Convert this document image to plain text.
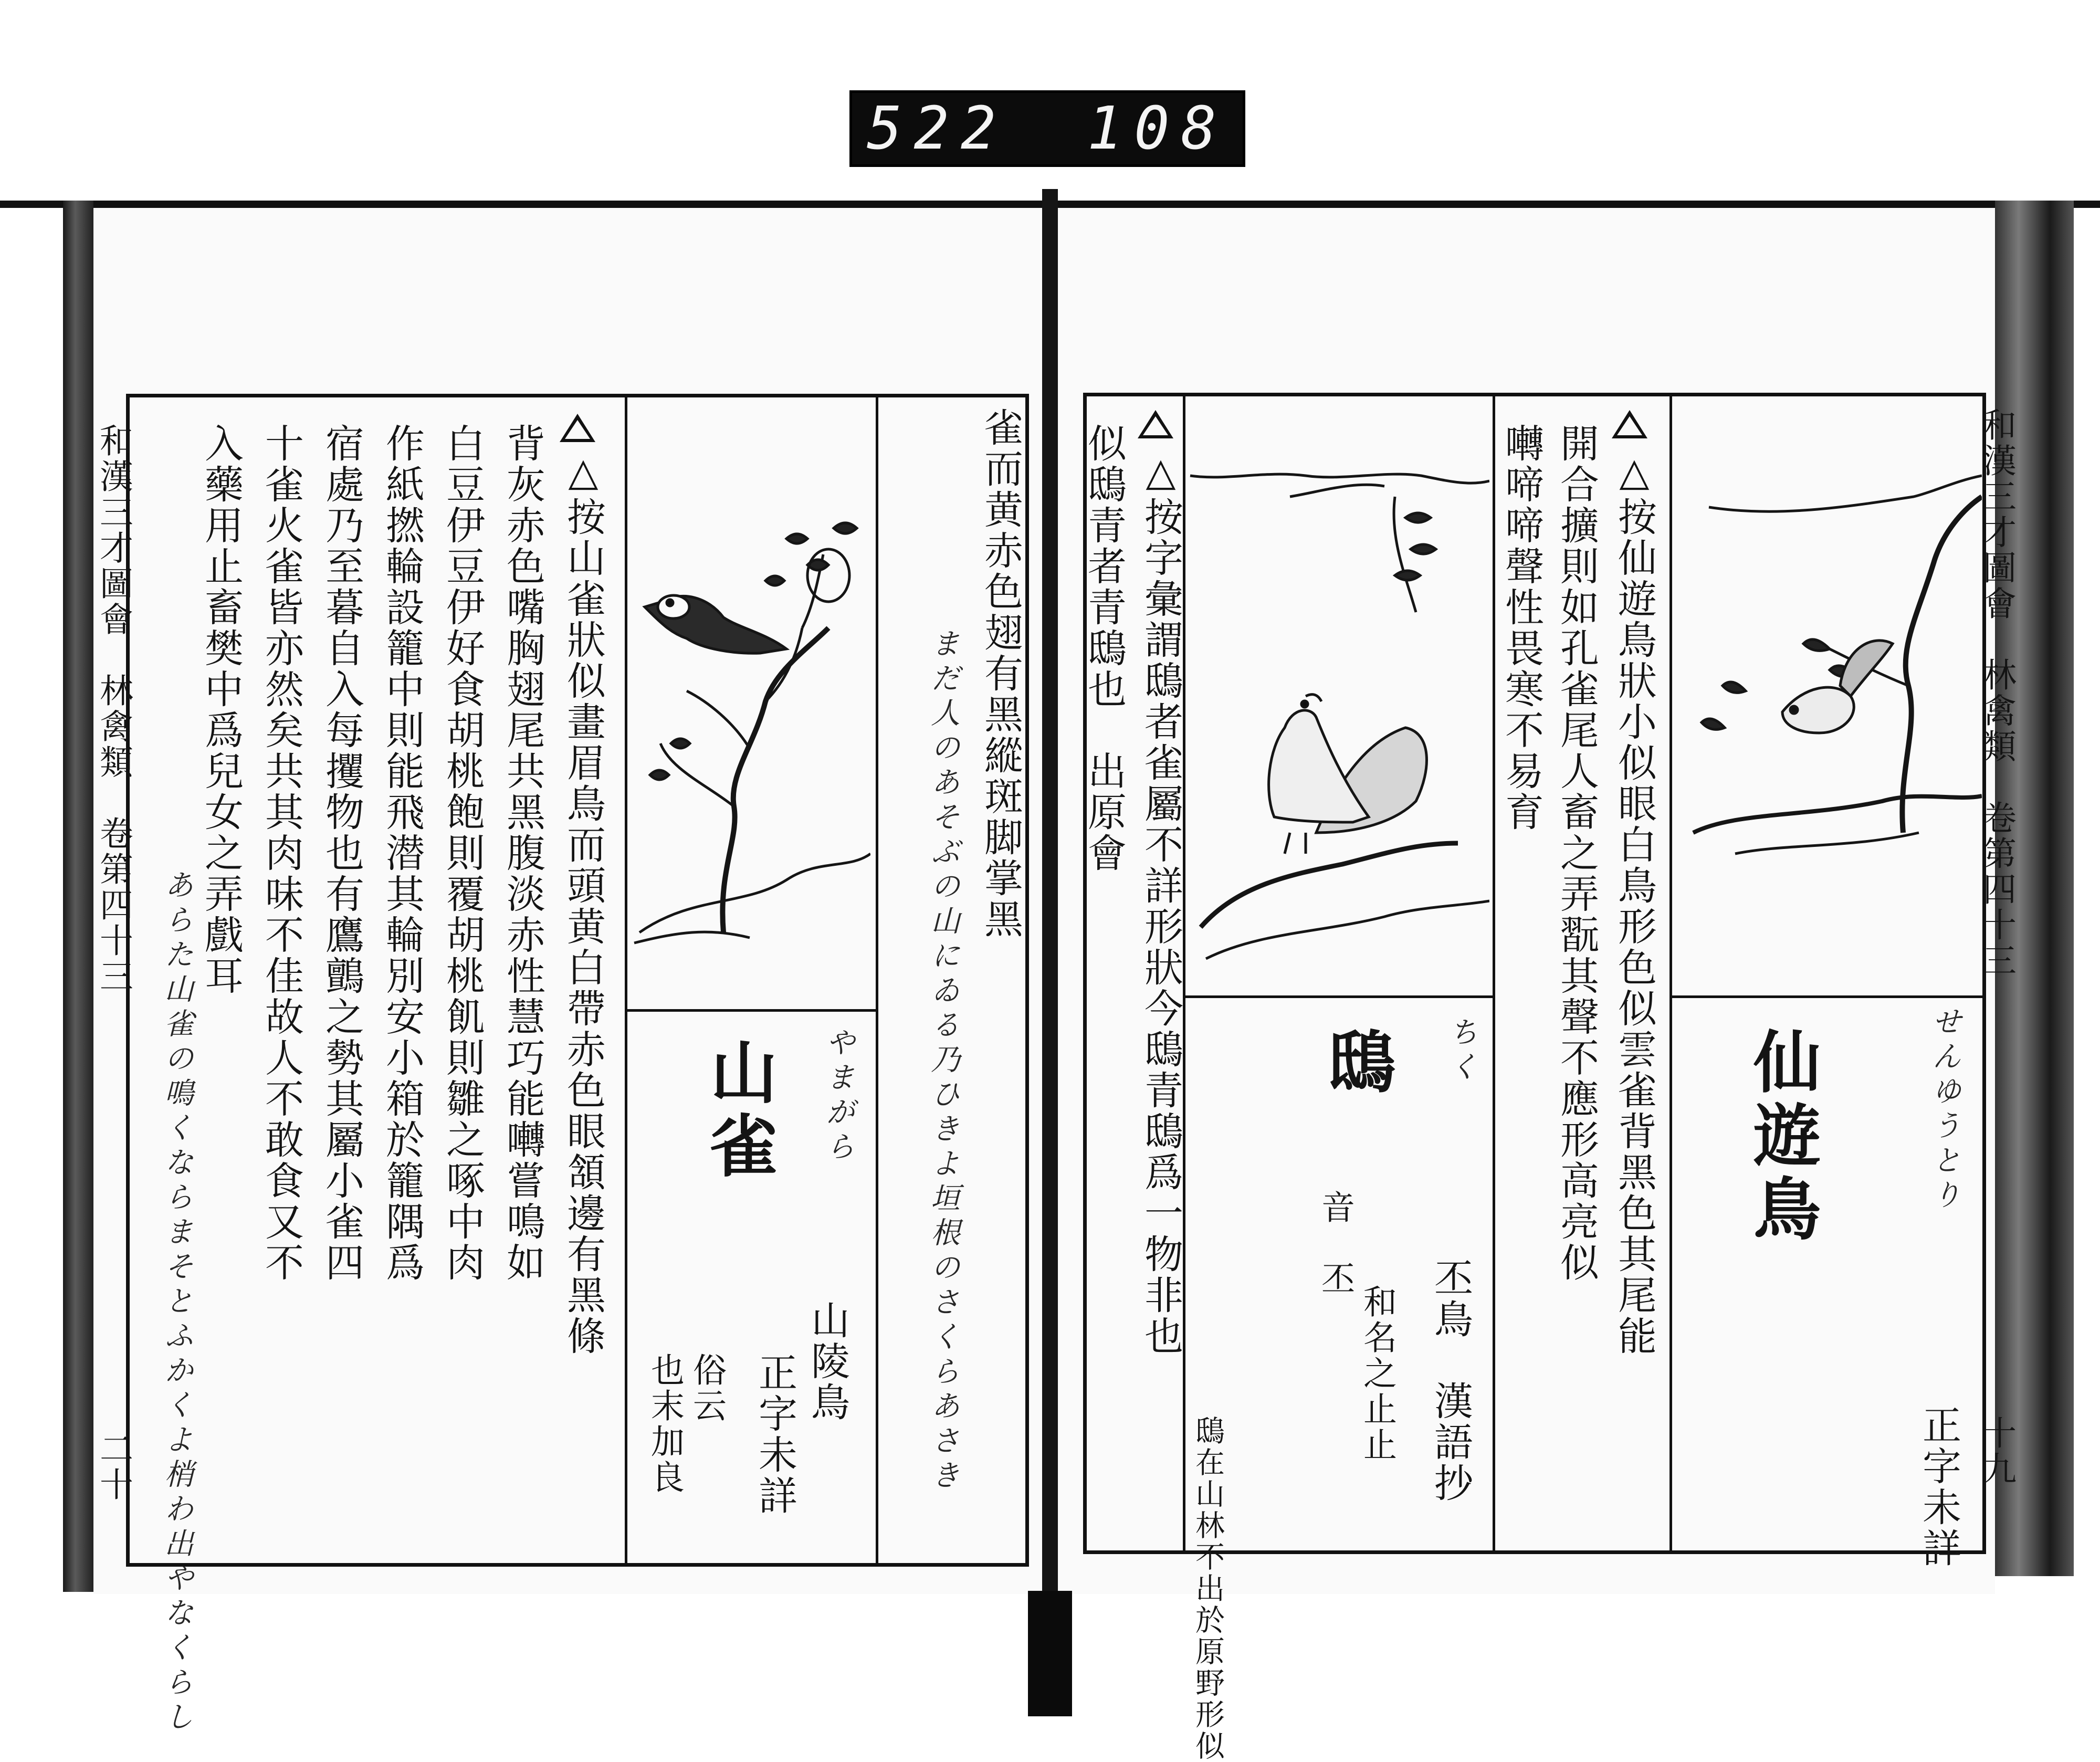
522 108
和漢三才圖會　林禽類　卷第四十三
二十
雀而黄赤色翅有黑縱斑脚掌黑
まだ人のあそぶの山にゐる乃ひきよ垣根のさくらあさき
山雀 やまがら
山陵鳥
正字未詳
俗云
也末加良
△按山雀狀似畫眉鳥而頭黄白帶赤色眼頷邊有黑條
背灰赤色嘴胸翅尾共黑腹淡赤性慧巧能囀嘗鳴如
白豆伊豆伊好食胡桃飽則覆胡桃飢則雛之啄中肉
作紙撚輪設籠中則能飛潜其輪別安小箱於籠隅爲
宿處乃至暮自入每攫物也有鷹鸇之勢其屬小雀四
十雀火雀皆亦然矣共其肉味不佳故人不敢食又不
入藥用止畜樊中爲兒女之弄戲耳
あらた山雀の鳴くならまそとふかくよ梢わ出やなくらし
和漢三才圖會　林禽類　卷第四十三
十九
仙遊鳥	せんゆうとり
正字未詳
△按仙遊鳥狀小似眼白鳥形色似雲雀背黑色其尾能
開合擴則如孔雀尾人畜之弄翫其聲不應形高亮似
囀啼啼聲性畏寒不易育
鴟 ちく
音　丕
丕鳥　漢語抄
和名之止止
△按字彙謂鴟者雀屬不詳形狀今鴟青鴟爲一物非也
似鴟青者青鴟也　出原會
鴟在山林不出於原野形似
